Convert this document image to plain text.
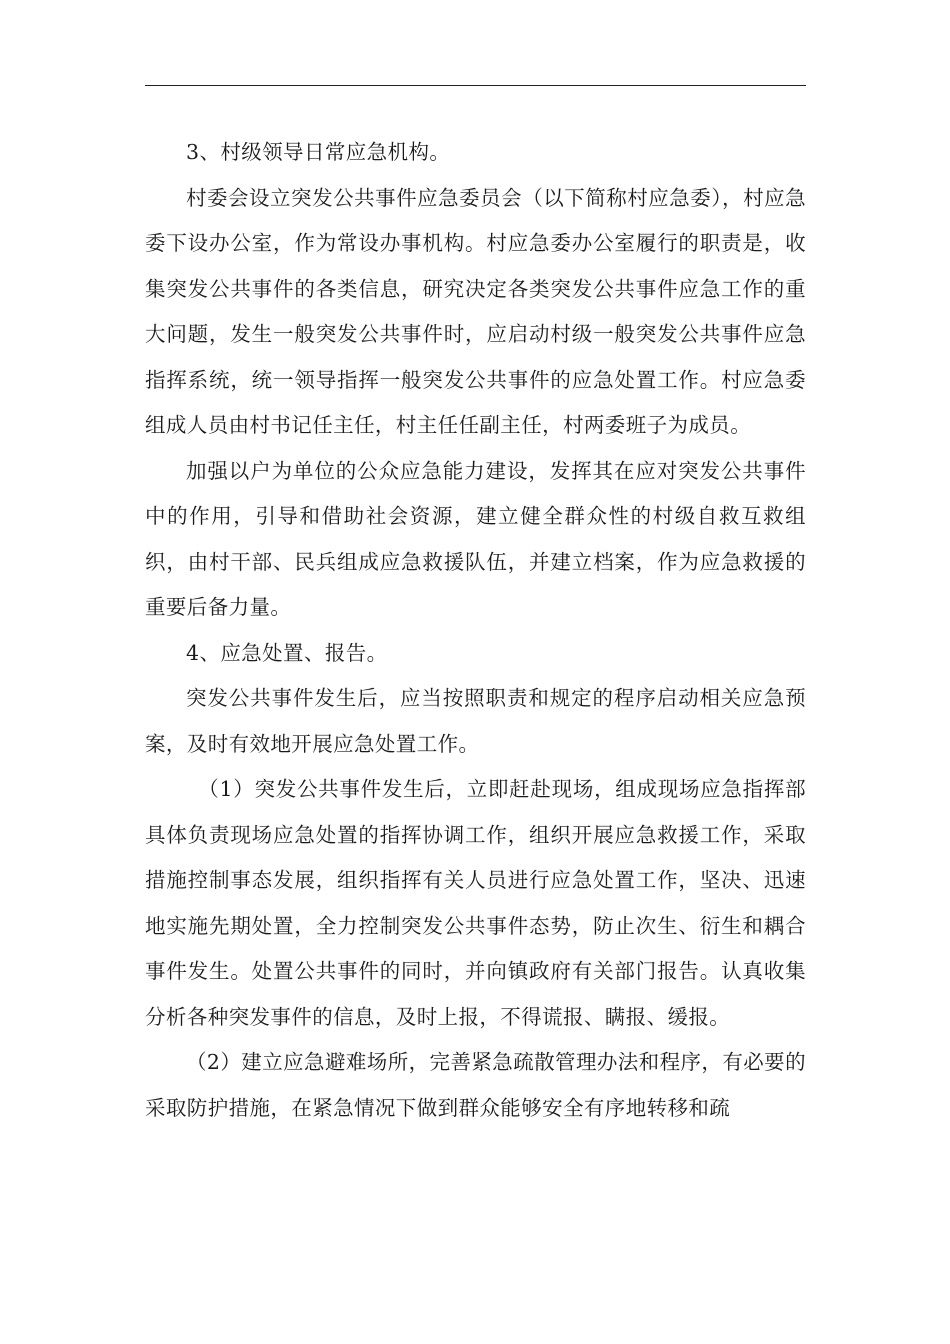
3、村级领导日常应急机构。

村委会设立突发公共事件应急委员会（以下简称村应急委），村应急委下设办公室，作为常设办事机构。村应急委办公室履行的职责是，收集突发公共事件的各类信息，研究决定各类突发公共事件应急工作的重大问题，发生一般突发公共事件时，应启动村级一般突发公共事件应急指挥系统，统一领导指挥一般突发公共事件的应急处置工作。村应急委组成人员由村书记任主任，村主任任副主任，村两委班子为成员。

加强以户为单位的公众应急能力建设，发挥其在应对突发公共事件中的作用，引导和借助社会资源，建立健全群众性的村级自救互救组织，由村干部、民兵组成应急救援队伍，并建立档案，作为应急救援的重要后备力量。

4、应急处置、报告。

突发公共事件发生后，应当按照职责和规定的程序启动相关应急预案，及时有效地开展应急处置工作。

（1）突发公共事件发生后，立即赶赴现场，组成现场应急指挥部具体负责现场应急处置的指挥协调工作，组织开展应急救援工作，采取措施控制事态发展，组织指挥有关人员进行应急处置工作，坚决、迅速地实施先期处置，全力控制突发公共事件态势，防止次生、衍生和耦合事件发生。处置公共事件的同时，并向镇政府有关部门报告。认真收集分析各种突发事件的信息，及时上报，不得谎报、瞒报、缓报。

（2）建立应急避难场所，完善紧急疏散管理办法和程序，有必要的采取防护措施，在紧急情况下做到群众能够安全有序地转移和疏
